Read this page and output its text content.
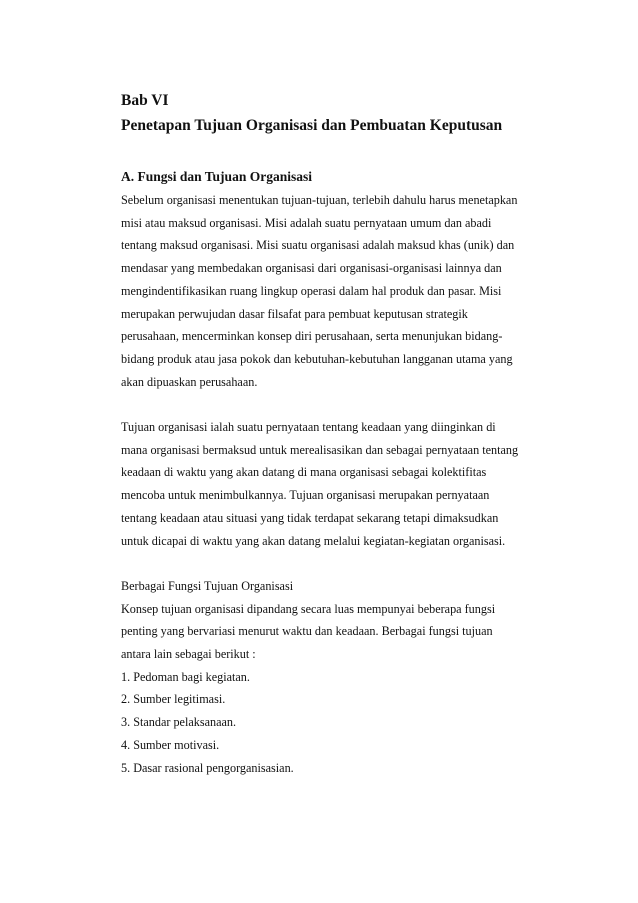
Bab VI
Penetapan Tujuan Organisasi dan Pembuatan Keputusan
A. Fungsi dan Tujuan Organisasi
Sebelum organisasi menentukan tujuan-tujuan, terlebih dahulu harus menetapkan
misi atau maksud organisasi. Misi adalah suatu pernyataan umum dan abadi
tentang maksud organisasi. Misi suatu organisasi adalah maksud khas (unik) dan
mendasar yang membedakan organisasi dari organisasi-organisasi lainnya dan
mengindentifikasikan ruang lingkup operasi dalam hal produk dan pasar. Misi
merupakan perwujudan dasar filsafat para pembuat keputusan strategik
perusahaan, mencerminkan konsep diri perusahaan, serta menunjukan bidang-
bidang produk atau jasa pokok dan kebutuhan-kebutuhan langganan utama yang
akan dipuaskan perusahaan.
Tujuan organisasi ialah suatu pernyataan tentang keadaan yang diinginkan di
mana organisasi bermaksud untuk merealisasikan dan sebagai pernyataan tentang
keadaan di waktu yang akan datang di mana organisasi sebagai kolektifitas
mencoba untuk menimbulkannya. Tujuan organisasi merupakan pernyataan
tentang keadaan atau situasi yang tidak terdapat sekarang tetapi dimaksudkan
untuk dicapai di waktu yang akan datang melalui kegiatan-kegiatan organisasi.
Berbagai Fungsi Tujuan Organisasi
Konsep tujuan organisasi dipandang secara luas mempunyai beberapa fungsi
penting yang bervariasi menurut waktu dan keadaan. Berbagai fungsi tujuan
antara lain sebagai berikut :
1. Pedoman bagi kegiatan.
2. Sumber legitimasi.
3. Standar pelaksanaan.
4. Sumber motivasi.
5. Dasar rasional pengorganisasian.
